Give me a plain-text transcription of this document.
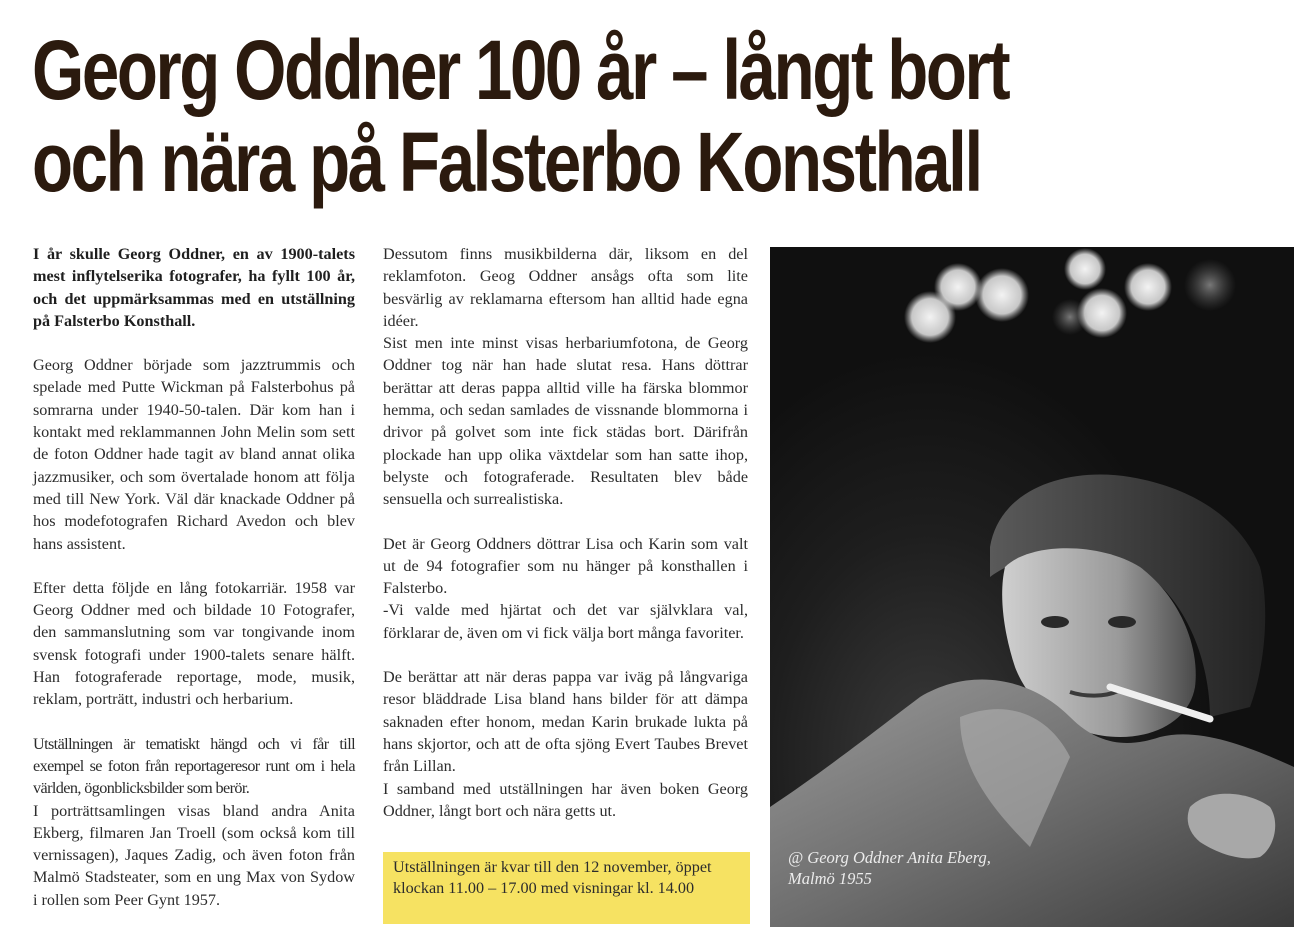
Georg Oddner 100 år – långt bort
och nära på Falsterbo Konsthall

I år skulle Georg Oddner, en av 1900-talets mest inflytelserika fotografer, ha fyllt 100 år, och det uppmärksammas med en utställning på Falsterbo Konsthall.

Georg Oddner började som jazztrummis och spelade med Putte Wickman på Falsterbohus på somrarna under 1940-50-talen. Där kom han i kontakt med reklammannen John Melin som sett de foton Oddner hade tagit av bland annat olika jazzmusiker, och som övertalade honom att följa med till New York. Väl där knackade Oddner på hos modefotografen Richard Avedon och blev hans assistent.

Efter detta följde en lång fotokarriär. 1958 var Georg Oddner med och bildade 10 Fotografer, den sammanslutning som var tongivande inom svensk fotografi under 1900-talets senare hälft. Han fotograferade reportage, mode, musik, reklam, porträtt, industri och herbarium.

Utställningen är tematiskt hängd och vi får till exempel se foton från reportageresor runt om i hela världen, ögonblicksbilder som berör.

I porträttsamlingen visas bland andra Anita Ekberg, filmaren Jan Troell (som också kom till vernissagen), Jaques Zadig, och även foton från Malmö Stadsteater, som en ung Max von Sydow i rollen som Peer Gynt 1957.

Dessutom finns musikbilderna där, liksom en del reklamfoton. Geog Oddner ansågs ofta som lite besvärlig av reklamarna eftersom han alltid hade egna idéer.

Sist men inte minst visas herbariumfotona, de Georg Oddner tog när han hade slutat resa. Hans döttrar berättar att deras pappa alltid ville ha färska blommor hemma, och sedan samlades de vissnande blommorna i drivor på golvet som inte fick städas bort. Därifrån plockade han upp olika växtdelar som han satte ihop, belyste och fotograferade. Resultaten blev både sensuella och surrealistiska.

Det är Georg Oddners döttrar Lisa och Karin som valt ut de 94 fotografier som nu hänger på konsthallen i Falsterbo.

-Vi valde med hjärtat och det var självklara val, förklarar de, även om vi fick välja bort många favoriter.

De berättar att när deras pappa var iväg på långvariga resor bläddrade Lisa bland hans bilder för att dämpa saknaden efter honom, medan Karin brukade lukta på hans skjortor, och att de ofta sjöng Evert Taubes Brevet från Lillan.

I samband med utställningen har även boken Georg Oddner, långt bort och nära getts ut.

Utställningen är kvar till den 12 november, öppet klockan 11.00 – 17.00 med visningar kl. 14.00

@ Georg Oddner Anita Eberg,
Malmö 1955
